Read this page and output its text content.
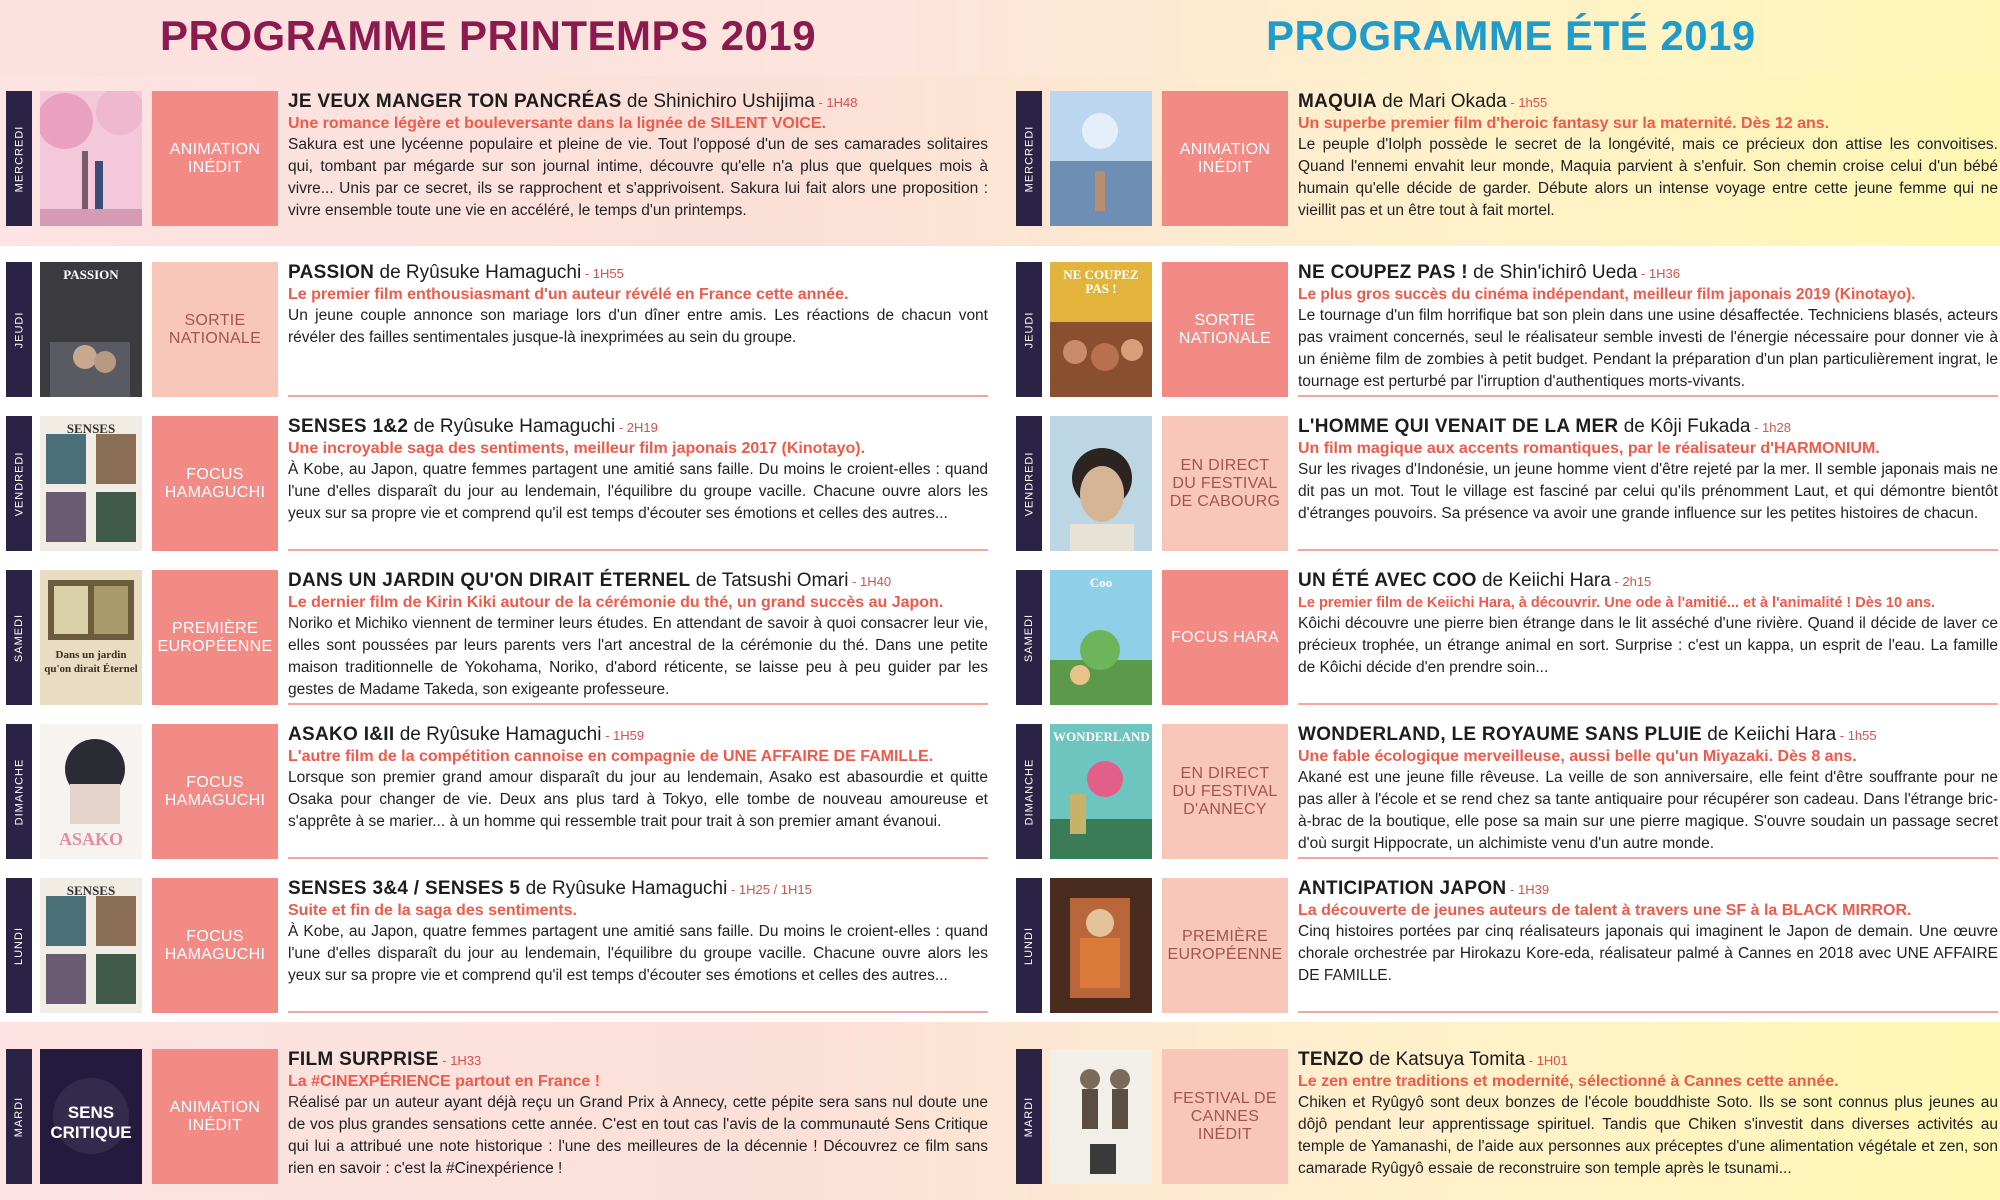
PROGRAMME PRINTEMPS 2019	PROGRAMME ÉTÉ 2019
MERCREDI	ANIMATION INÉDIT
JE VEUX MANGER TON PANCRÉAS de Shinichiro Ushijima - 1H48
Une romance légère et bouleversante dans la lignée de SILENT VOICE.
Sakura est une lycéenne populaire et pleine de vie. Tout l'opposé d'un de ses camarades solitaires qui, tombant par mégarde sur son journal intime, découvre qu'elle n'a plus que quelques mois à vivre... Unis par ce secret, ils se rapprochent et s'apprivoisent. Sakura lui fait alors une proposition : vivre ensemble toute une vie en accéléré, le temps d'un printemps.
JEUDI
PASSION
SORTIE NATIONALE
PASSION de Ryûsuke Hamaguchi - 1H55
Le premier film enthousiasmant d'un auteur révélé en France cette année.
Un jeune couple annonce son mariage lors d'un dîner entre amis. Les réactions de chacun vont révéler des failles sentimentales jusque-là inexprimées au sein du groupe.
VENDREDI
SENSES
FOCUS HAMAGUCHI
SENSES 1&2 de Ryûsuke Hamaguchi - 2H19
Une incroyable saga des sentiments, meilleur film japonais 2017 (Kinotayo).
À Kobe, au Japon, quatre femmes partagent une amitié sans faille. Du moins le croient-elles : quand l'une d'elles disparaît du jour au lendemain, l'équilibre du groupe vacille. Chacune ouvre alors les yeux sur sa propre vie et comprend qu'il est temps d'écouter ses émotions et celles des autres...
SAMEDI	Dans un jardin qu'on dirait Éternel
PREMIÈRE EUROPÉENNE
DANS UN JARDIN QU'ON DIRAIT ÉTERNEL de Tatsushi Omari - 1H40
Le dernier film de Kirin Kiki autour de la cérémonie du thé, un grand succès au Japon.
Noriko et Michiko viennent de terminer leurs études. En attendant de savoir à quoi consacrer leur vie, elles sont poussées par leurs parents vers l'art ancestral de la cérémonie du thé. Dans une petite maison traditionnelle de Yokohama, Noriko, d'abord réticente, se laisse peu à peu guider par les gestes de Madame Takeda, son exigeante professeure.
DIMANCHE
ASAKO
FOCUS HAMAGUCHI
ASAKO I&II de Ryûsuke Hamaguchi - 1H59
L'autre film de la compétition cannoise en compagnie de UNE AFFAIRE DE FAMILLE.
Lorsque son premier grand amour disparaît du jour au lendemain, Asako est abasourdie et quitte Osaka pour changer de vie. Deux ans plus tard à Tokyo, elle tombe de nouveau amoureuse et s'apprête à se marier... à un homme qui ressemble trait pour trait à son premier amant évanoui.
LUNDI
SENSES
FOCUS HAMAGUCHI
SENSES 3&4 / SENSES 5 de Ryûsuke Hamaguchi - 1H25 / 1H15
Suite et fin de la saga des sentiments.
À Kobe, au Japon, quatre femmes partagent une amitié sans faille. Du moins le croient-elles : quand l'une d'elles disparaît du jour au lendemain, l'équilibre du groupe vacille. Chacune ouvre alors les yeux sur sa propre vie et comprend qu'il est temps d'écouter ses émotions et celles des autres...
MARDI	SENS CRITIQUE
ANIMATION INÉDIT
FILM SURPRISE - 1H33
La #CINEXPÉRIENCE partout en France !
Réalisé par un auteur ayant déjà reçu un Grand Prix à Annecy, cette pépite sera sans nul doute une de vos plus grandes sensations cette année. C'est en tout cas l'avis de la communauté Sens Critique qui lui a attribué une note historique : l'une des meilleures de la décennie ! Découvrez ce film sans rien en savoir : c'est la #Cinexpérience !
MERCREDI	ANIMATION INÉDIT
MAQUIA de Mari Okada - 1h55
Un superbe premier film d'heroic fantasy sur la maternité. Dès 12 ans.
Le peuple d'Iolph possède le secret de la longévité, mais ce précieux don attise les convoitises. Quand l'ennemi envahit leur monde, Maquia parvient à s'enfuir. Son chemin croise celui d'un bébé humain qu'elle décide de garder. Débute alors un intense voyage entre cette jeune femme qui ne vieillit pas et un être tout à fait mortel.
JEUDI
NE COUPEZ PAS !
SORTIE NATIONALE
NE COUPEZ PAS ! de Shin'ichirô Ueda - 1H36
Le plus gros succès du cinéma indépendant, meilleur film japonais 2019 (Kinotayo).
Le tournage d'un film horrifique bat son plein dans une usine désaffectée. Techniciens blasés, acteurs pas vraiment concernés, seul le réalisateur semble investi de l'énergie nécessaire pour donner vie à un énième film de zombies à petit budget. Pendant la préparation d'un plan particulièrement ingrat, le tournage est perturbé par l'irruption d'authentiques morts-vivants.
VENDREDI	EN DIRECT DU FESTIVAL DE CABOURG
L'HOMME QUI VENAIT DE LA MER de Kôji Fukada - 1h28
Un film magique aux accents romantiques, par le réalisateur d'HARMONIUM.
Sur les rivages d'Indonésie, un jeune homme vient d'être rejeté par la mer. Il semble japonais mais ne dit pas un mot. Tout le village est fasciné par celui qu'ils prénomment Laut, et qui démontre bientôt d'étranges pouvoirs. Sa présence va avoir une grande influence sur les petites histoires de chacun.
SAMEDI
Coo
FOCUS HARA
UN ÉTÉ AVEC COO de Keiichi Hara - 2h15
Le premier film de Keiichi Hara, à découvrir. Une ode à l'amitié... et à l'animalité ! Dès 10 ans.
Kôichi découvre une pierre bien étrange dans le lit asséché d'une rivière. Quand il décide de laver ce précieux trophée, un étrange animal en sort. Surprise : c'est un kappa, un esprit de l'eau. La famille de Kôichi décide d'en prendre soin...
DIMANCHE
WONDERLAND
EN DIRECT DU FESTIVAL D'ANNECY
WONDERLAND, LE ROYAUME SANS PLUIE de Keiichi Hara - 1h55
Une fable écologique merveilleuse, aussi belle qu'un Miyazaki. Dès 8 ans.
Akané est une jeune fille rêveuse. La veille de son anniversaire, elle feint d'être souffrante pour ne pas aller à l'école et se rend chez sa tante antiquaire pour récupérer son cadeau. Dans l'étrange bric-à-brac de la boutique, elle pose sa main sur une pierre magique. S'ouvre soudain un passage secret d'où surgit Hippocrate, un alchimiste venu d'un autre monde.
LUNDI	PREMIÈRE EUROPÉENNE
ANTICIPATION JAPON - 1H39
La découverte de jeunes auteurs de talent à travers une SF à la BLACK MIRROR.
Cinq histoires portées par cinq réalisateurs japonais qui imaginent le Japon de demain. Une œuvre chorale orchestrée par Hirokazu Kore-eda, réalisateur palmé à Cannes en 2018 avec UNE AFFAIRE DE FAMILLE.
MARDI	FESTIVAL DE CANNES INÉDIT
TENZO de Katsuya Tomita - 1H01
Le zen entre traditions et modernité, sélectionné à Cannes cette année.
Chiken et Ryûgyô sont deux bonzes de l'école bouddhiste Soto. Ils se sont connus plus jeunes au dôjô pendant leur apprentissage spirituel. Tandis que Chiken s'investit dans diverses activités au temple de Yamanashi, de l'aide aux personnes aux préceptes d'une alimentation végétale et zen, son camarade Ryûgyô essaie de reconstruire son temple après le tsunami...
